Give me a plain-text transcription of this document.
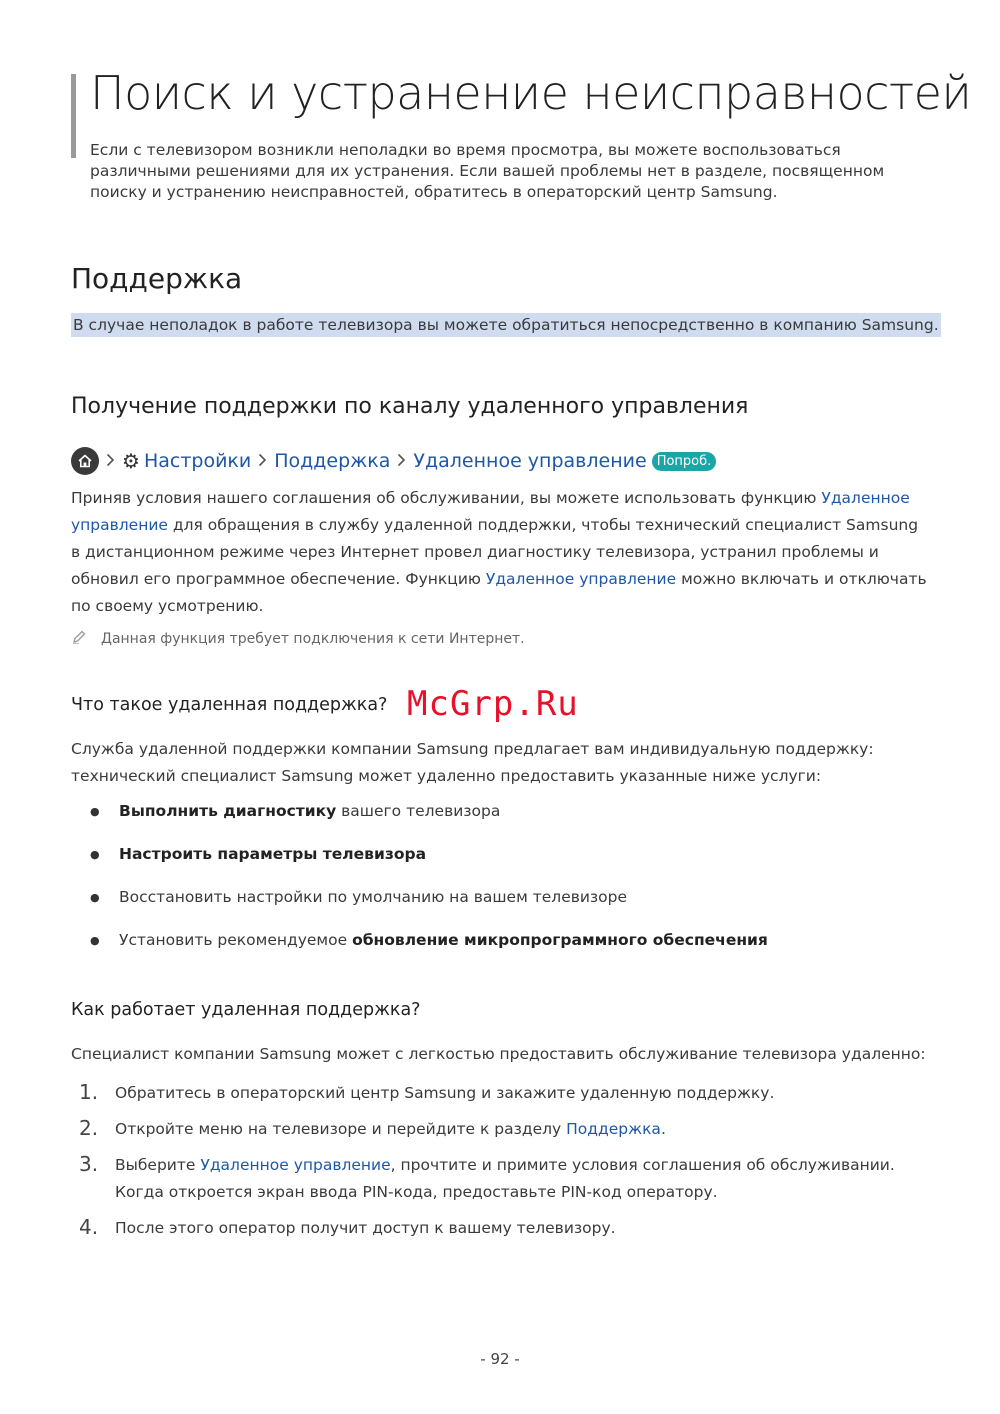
Поиск и устранение неисправностей
Если с телевизором возникли неполадки во время просмотра, вы можете воспользоваться различными решениями для их устранения. Если вашей проблемы нет в разделе, посвященном поиску и устранению неисправностей, обратитесь в операторский центр Samsung.
Поддержка
В случае неполадок в работе телевизора вы можете обратиться непосредственно в компанию Samsung.
Получение поддержки по каналу удаленного управления
⚙ Настройки Поддержка Удаленное управление Попроб.
Приняв условия нашего соглашения об обслуживании, вы можете использовать функцию Удаленное управление для обращения в службу удаленной поддержки, чтобы технический специалист Samsung в дистанционном режиме через Интернет провел диагностику телевизора, устранил проблемы и обновил его программное обеспечение. Функцию Удаленное управление можно включать и отключать по своему усмотрению.
Данная функция требует подключения к сети Интернет.
Что такое удаленная поддержка? McGrp.Ru
Служба удаленной поддержки компании Samsung предлагает вам индивидуальную поддержку: технический специалист Samsung может удаленно предоставить указанные ниже услуги:
● Выполнить диагностику вашего телевизора
● Настроить параметры телевизора
● Восстановить настройки по умолчанию на вашем телевизоре
● Установить рекомендуемое обновление микропрограммного обеспечения
Как работает удаленная поддержка?
Специалист компании Samsung может с легкостью предоставить обслуживание телевизора удаленно:
1. Обратитесь в операторский центр Samsung и закажите удаленную поддержку.
2. Откройте меню на телевизоре и перейдите к разделу Поддержка.
3. Выберите Удаленное управление, прочтите и примите условия соглашения об обслуживании. Когда откроется экран ввода PIN-кода, предоставьте PIN-код оператору.
4. После этого оператор получит доступ к вашему телевизору.
- 92 -
